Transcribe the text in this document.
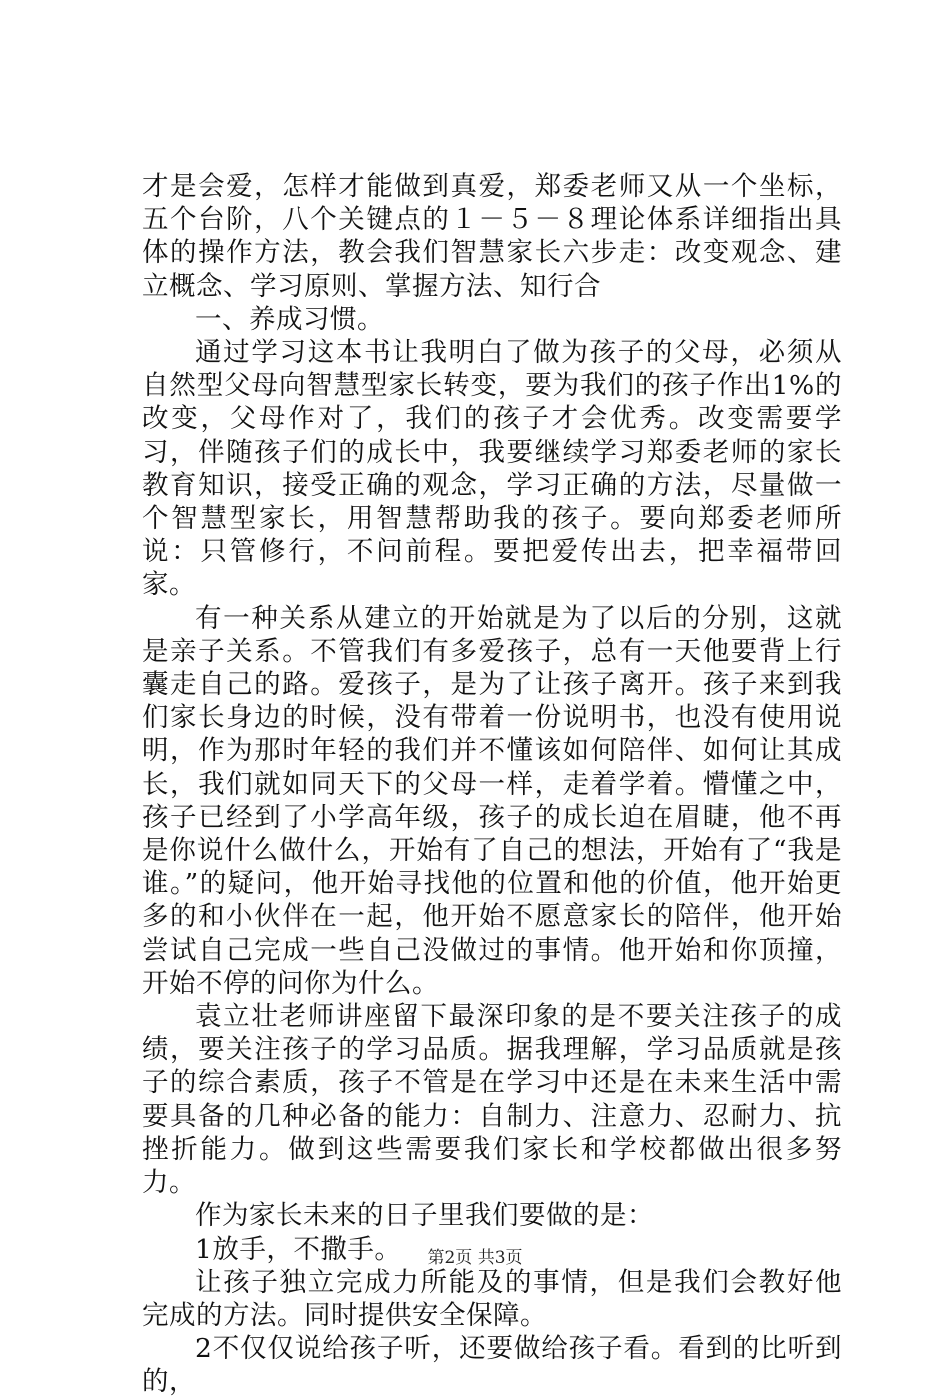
才是会爱，怎样才能做到真爱，郑委老师又从一个坐标，五个台阶，八个关键点的１－５－８理论体系详细指出具体的操作方法，教会我们智慧家长六步走：改变观念、建立概念、学习原则、掌握方法、知行合

一、养成习惯。

通过学习这本书让我明白了做为孩子的父母，必须从自然型父母向智慧型家长转变，要为我们的孩子作出1%的改变，父母作对了，我们的孩子才会优秀。改变需要学习，伴随孩子们的成长中，我要继续学习郑委老师的家长教育知识，接受正确的观念，学习正确的方法，尽量做一个智慧型家长，用智慧帮助我的孩子。要向郑委老师所说：只管修行，不问前程。要把爱传出去，把幸福带回家。

有一种关系从建立的开始就是为了以后的分别，这就是亲子关系。不管我们有多爱孩子，总有一天他要背上行囊走自己的路。爱孩子，是为了让孩子离开。孩子来到我们家长身边的时候，没有带着一份说明书，也没有使用说明，作为那时年轻的我们并不懂该如何陪伴、如何让其成长，我们就如同天下的父母一样，走着学着。懵懂之中，孩子已经到了小学高年级，孩子的成长迫在眉睫，他不再是你说什么做什么，开始有了自己的想法，开始有了“我是谁。”的疑问，他开始寻找他的位置和他的价值，他开始更多的和小伙伴在一起，他开始不愿意家长的陪伴，他开始尝试自己完成一些自己没做过的事情。他开始和你顶撞，开始不停的问你为什么。

袁立壮老师讲座留下最深印象的是不要关注孩子的成绩，要关注孩子的学习品质。据我理解，学习品质就是孩子的综合素质，孩子不管是在学习中还是在未来生活中需要具备的几种必备的能力：自制力、注意力、忍耐力、抗挫折能力。做到这些需要我们家长和学校都做出很多努力。

作为家长未来的日子里我们要做的是：

1放手，不撒手。

让孩子独立完成力所能及的事情，但是我们会教好他完成的方法。同时提供安全保障。

2不仅仅说给孩子听，还要做给孩子看。看到的比听到的，

第2页 共3页
